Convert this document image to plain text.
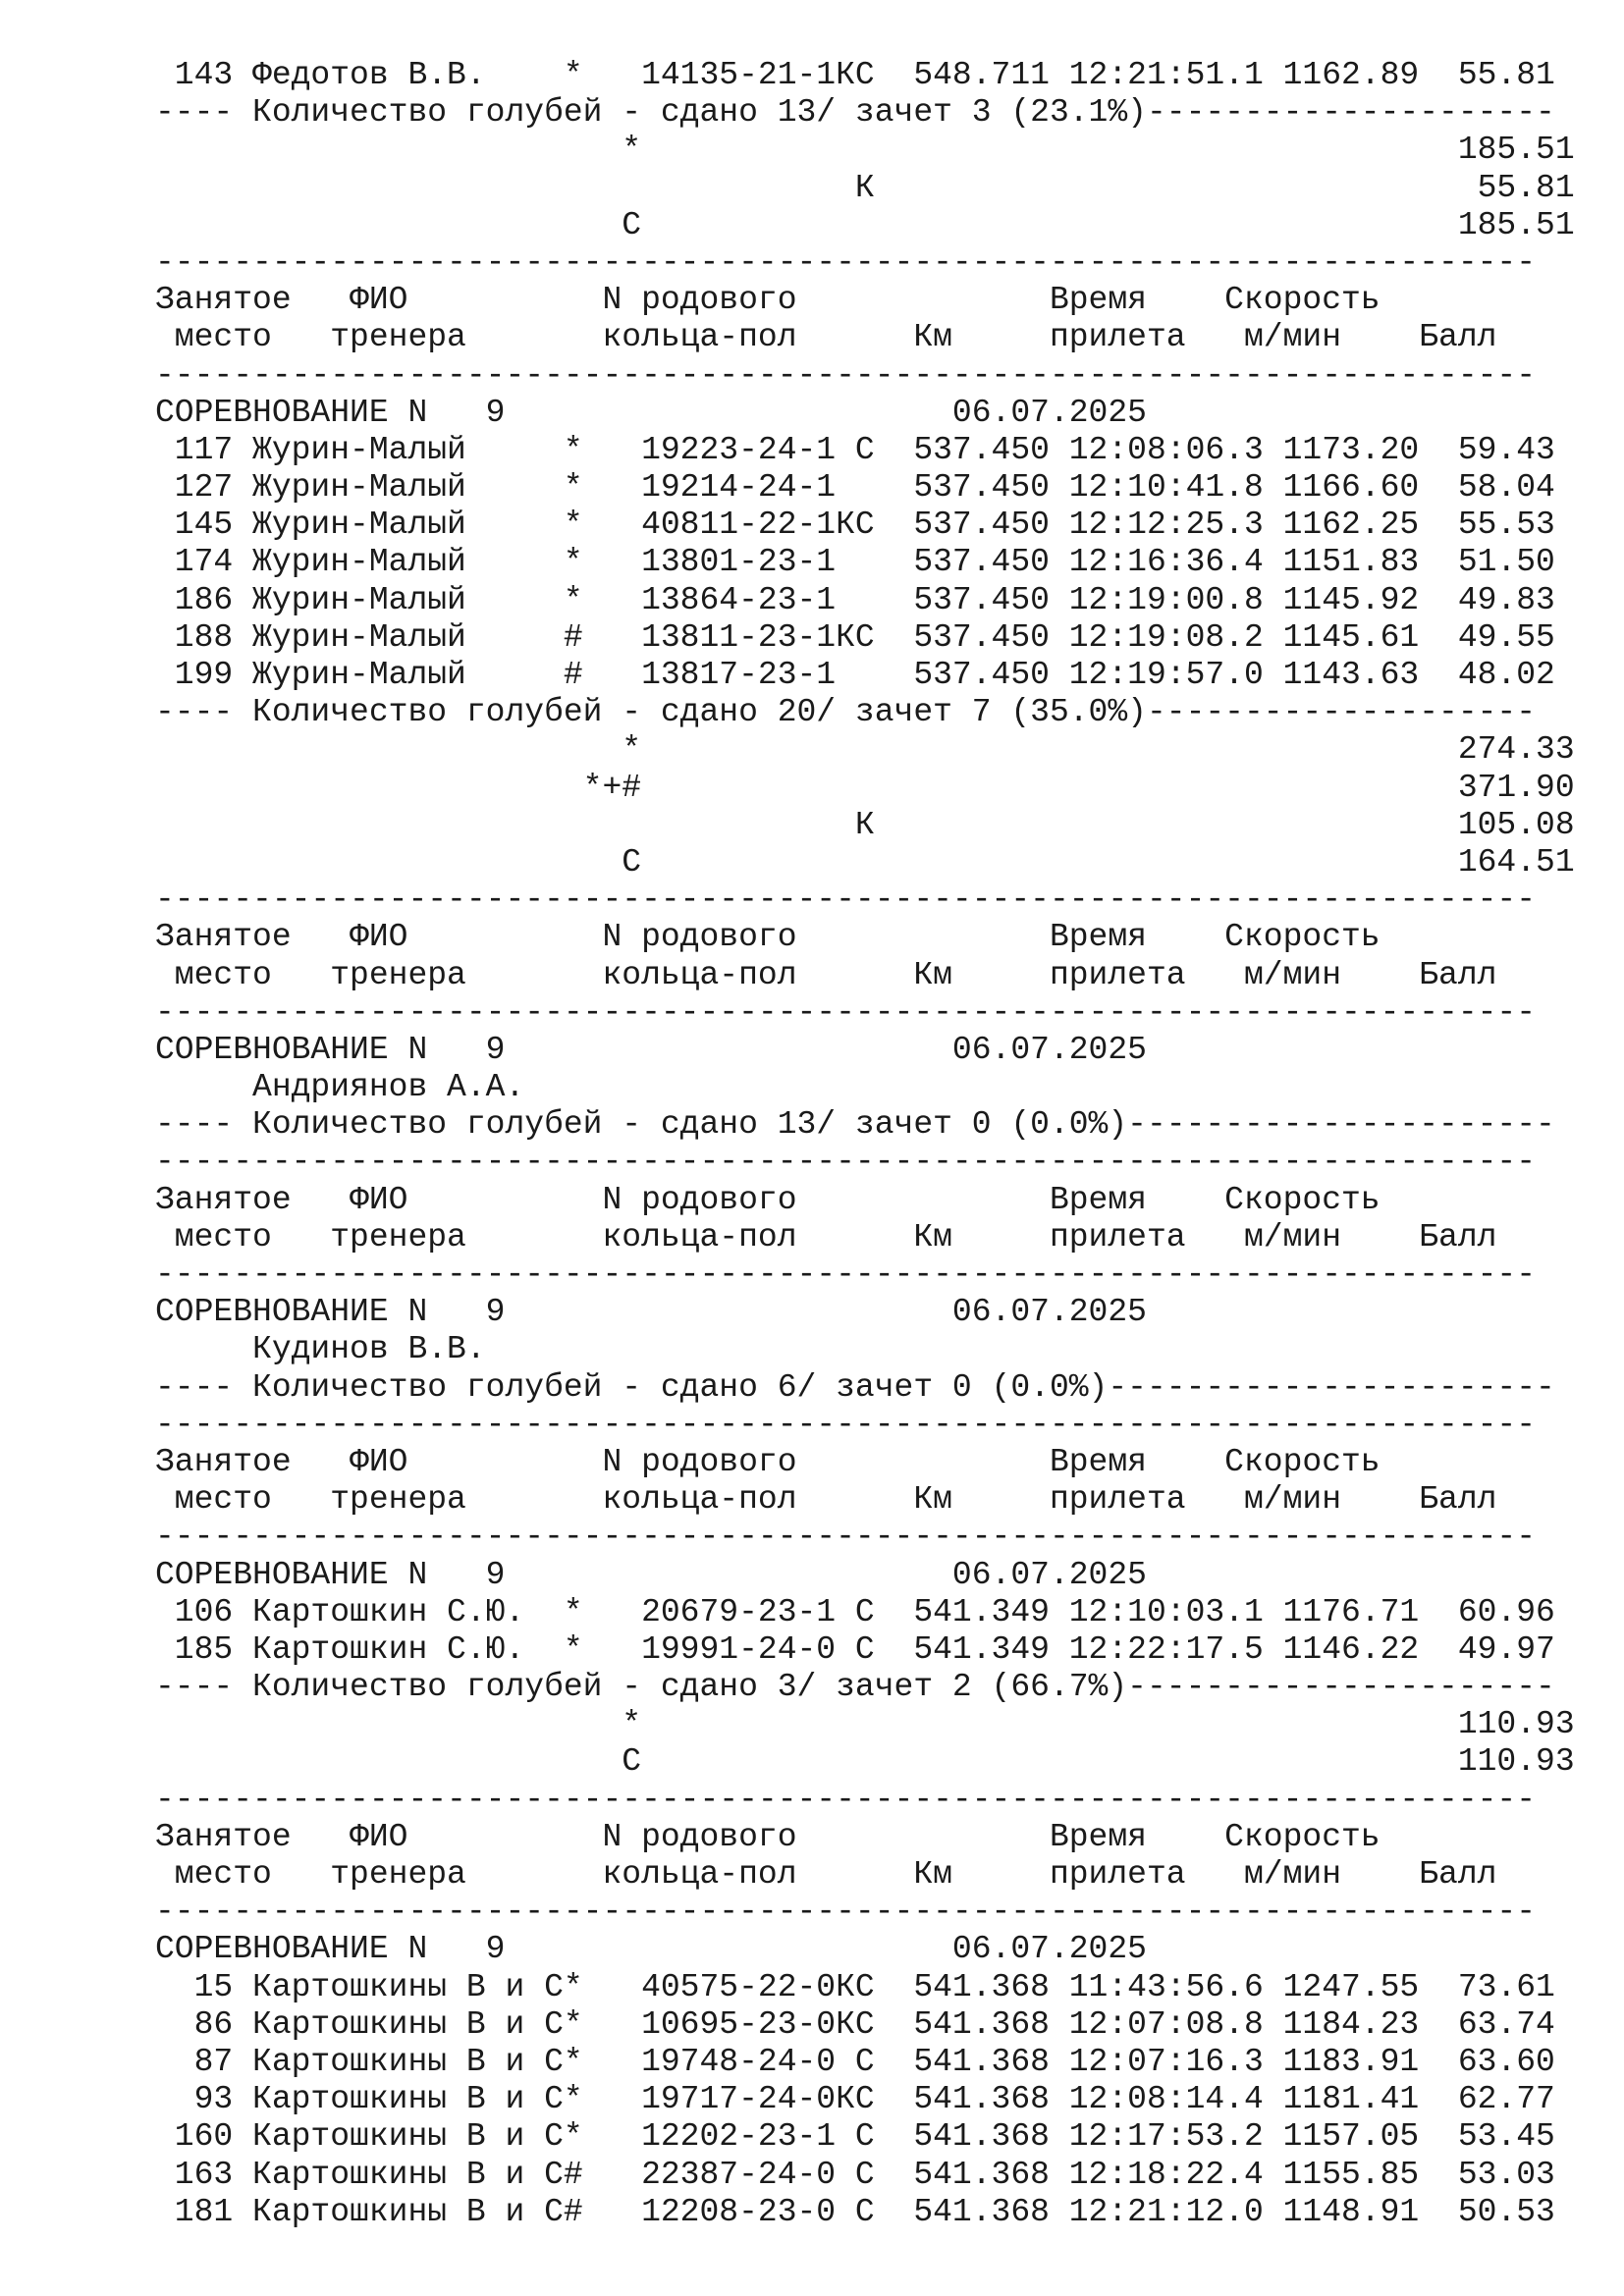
143 Федотов В.В.    *   14135-21-1КС  548.711 12:21:51.1 1162.89  55.81
---- Количество голубей - сдано 13/ зачет 3 (23.1%)---------------------
*                                          185.51
К                               55.81
С                                          185.51
-----------------------------------------------------------------------
Занятое   ФИО          N родового             Время    Скорость
место   тренера       кольца-пол      Км     прилета   м/мин    Балл
-----------------------------------------------------------------------
СОРЕВНОВАНИЕ N   9                       06.07.2025
117 Журин-Малый     *   19223-24-1 С  537.450 12:08:06.3 1173.20  59.43
127 Журин-Малый     *   19214-24-1    537.450 12:10:41.8 1166.60  58.04
145 Журин-Малый     *   40811-22-1КС  537.450 12:12:25.3 1162.25  55.53
174 Журин-Малый     *   13801-23-1    537.450 12:16:36.4 1151.83  51.50
186 Журин-Малый     *   13864-23-1    537.450 12:19:00.8 1145.92  49.83
188 Журин-Малый     #   13811-23-1КС  537.450 12:19:08.2 1145.61  49.55
199 Журин-Малый     #   13817-23-1    537.450 12:19:57.0 1143.63  48.02
---- Количество голубей - сдано 20/ зачет 7 (35.0%)--------------------
*                                          274.33
*+#                                          371.90
К                              105.08
С                                          164.51
-----------------------------------------------------------------------
Занятое   ФИО          N родового             Время    Скорость
место   тренера       кольца-пол      Км     прилета   м/мин    Балл
-----------------------------------------------------------------------
СОРЕВНОВАНИЕ N   9                       06.07.2025
Андриянов А.А.
---- Количество голубей - сдано 13/ зачет 0 (0.0%)----------------------
-----------------------------------------------------------------------
Занятое   ФИО          N родового             Время    Скорость
место   тренера       кольца-пол      Км     прилета   м/мин    Балл
-----------------------------------------------------------------------
СОРЕВНОВАНИЕ N   9                       06.07.2025
Кудинов В.В.
---- Количество голубей - сдано 6/ зачет 0 (0.0%)-----------------------
-----------------------------------------------------------------------
Занятое   ФИО          N родового             Время    Скорость
место   тренера       кольца-пол      Км     прилета   м/мин    Балл
-----------------------------------------------------------------------
СОРЕВНОВАНИЕ N   9                       06.07.2025
106 Картошкин С.Ю.  *   20679-23-1 С  541.349 12:10:03.1 1176.71  60.96
185 Картошкин С.Ю.  *   19991-24-0 С  541.349 12:22:17.5 1146.22  49.97
---- Количество голубей - сдано 3/ зачет 2 (66.7%)----------------------
*                                          110.93
С                                          110.93
-----------------------------------------------------------------------
Занятое   ФИО          N родового             Время    Скорость
место   тренера       кольца-пол      Км     прилета   м/мин    Балл
-----------------------------------------------------------------------
СОРЕВНОВАНИЕ N   9                       06.07.2025
15 Картошкины В и С*   40575-22-0КС  541.368 11:43:56.6 1247.55  73.61
86 Картошкины В и С*   10695-23-0КС  541.368 12:07:08.8 1184.23  63.74
87 Картошкины В и С*   19748-24-0 С  541.368 12:07:16.3 1183.91  63.60
93 Картошкины В и С*   19717-24-0КС  541.368 12:08:14.4 1181.41  62.77
160 Картошкины В и С*   12202-23-1 С  541.368 12:17:53.2 1157.05  53.45
163 Картошкины В и С#   22387-24-0 С  541.368 12:18:22.4 1155.85  53.03
181 Картошкины В и С#   12208-23-0 С  541.368 12:21:12.0 1148.91  50.53
